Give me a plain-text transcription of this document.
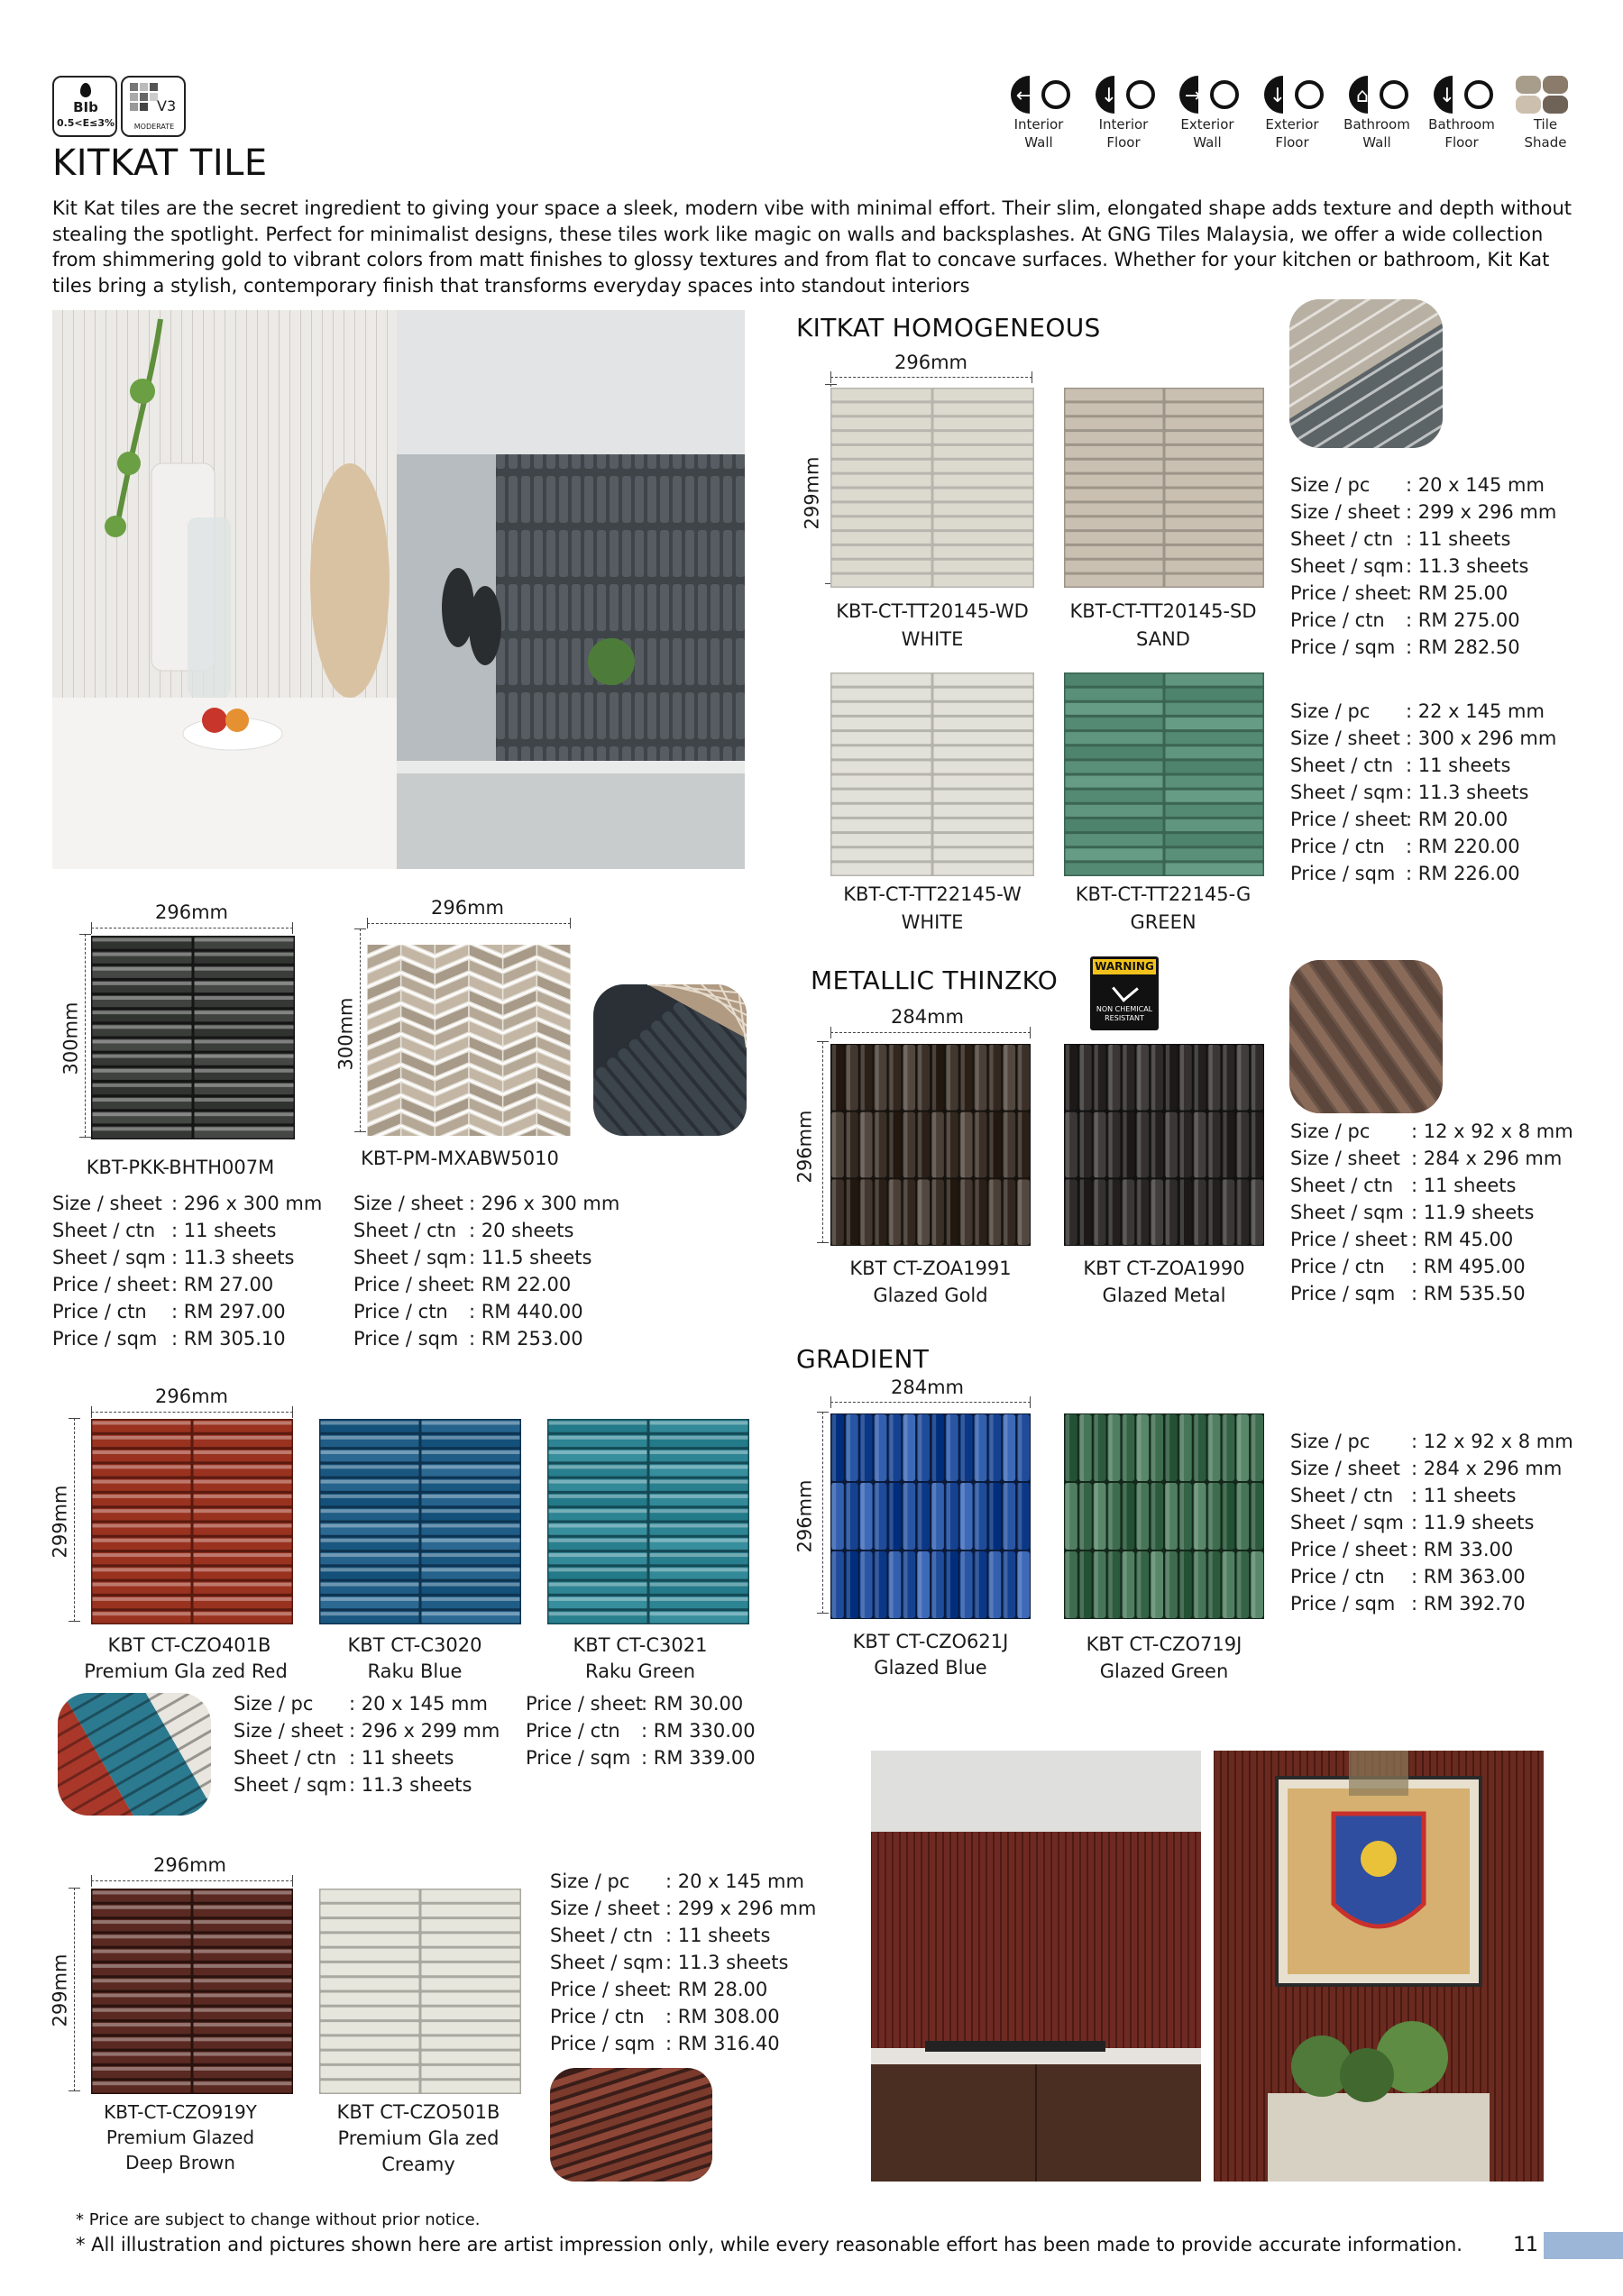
BIb
0.5<E≤3%
V3
MODERATE
←
Interior
Wall
↓
Interior
Floor
→
Exterior
Wall
↓
Exterior
Floor
⌂
Bathroom
Wall
↓
Bathroom
Floor
Tile
Shade
KITKAT TILE

Kit Kat tiles are the secret ingredient to giving your space a sleek, modern vibe with minimal effort. Their slim, elongated shape adds texture and depth without stealing the spotlight. Perfect for minimalist designs, these tiles work like magic on walls and backsplashes. At GNG Tiles Malaysia, we offer a wide collection from shimmering gold to vibrant colors from matt finishes to glossy textures and from flat to concave surfaces. Whether for your kitchen or bathroom, Kit Kat tiles bring a stylish, contemporary finish that transforms everyday spaces into standout interiors

KITKAT HOMOGENEOUS
296mm
299mm
KBT-CT-TT20145-WD
WHITE
KBT-CT-TT20145-SD
SAND
KBT-CT-TT22145-W
WHITE
KBT-CT-TT22145-G
GREEN
Size / pc	: 20 x 145 mm
Size / sheet : 299 x 296 mm
Sheet / ctn : 11 sheets
Sheet / sqm : 11.3 sheets
Price / sheet
: RM 25.00
Price / ctn	: RM 275.00
Price / sqm : RM 282.50
Size / pc	: 22 x 145 mm
Size / sheet : 300 x 296 mm
Sheet / ctn : 11 sheets
Sheet / sqm : 11.3 sheets
Price / sheet
: RM 20.00
Price / ctn	: RM 220.00
Price / sqm : RM 226.00
296mm
300mm
KBT-PKK-BHTH007M
Size / sheet : 296 x 300 mm
Sheet / ctn : 11 sheets
Sheet / sqm : 11.3 sheets
Price / sheet : RM 27.00
Price / ctn	: RM 297.00
Price / sqm : RM 305.10
296mm
300mm
KBT-PM-MXABW5010
Size / sheet : 296 x 300 mm
Sheet / ctn : 20 sheets
Sheet / sqm : 11.5 sheets
Price / sheet
: RM 22.00
Price / ctn	: RM 440.00
Price / sqm : RM 253.00
METALLIC THINZKO	WARNING
NON CHEMICAL RESISTANT
284mm
296mm
KBT CT-ZOA1991
Glazed Gold
KBT CT-ZOA1990
Glazed Metal
Size / pc	: 12 x 92 x 8 mm
Size / sheet : 284 x 296 mm
Sheet / ctn : 11 sheets
Sheet / sqm : 11.9 sheets
Price / sheet : RM 45.00
Price / ctn	: RM 495.00
Price / sqm : RM 535.50
GRADIENT
284mm
296mm
KBT CT-CZO621J
Glazed Blue
KBT CT-CZO719J
Glazed Green
Size / pc	: 12 x 92 x 8 mm
Size / sheet : 284 x 296 mm
Sheet / ctn : 11 sheets
Sheet / sqm : 11.9 sheets
Price / sheet : RM 33.00
Price / ctn	: RM 363.00
Price / sqm : RM 392.70
296mm
299mm
KBT CT-CZO401B
Premium Gla zed Red
KBT CT-C3020
Raku Blue
KBT CT-C3021
Raku Green
Size / pc	: 20 x 145 mm
Size / sheet : 296 x 299 mm
Sheet / ctn : 11 sheets
Sheet / sqm : 11.3 sheets
Price / sheet
: RM 30.00
Price / ctn	: RM 330.00
Price / sqm : RM 339.00
296mm
299mm
KBT-CT-CZO919Y
Premium Glazed
Deep Brown
KBT CT-CZO501B
Premium Gla zed
Creamy
Size / pc	: 20 x 145 mm
Size / sheet : 299 x 296 mm
Sheet / ctn : 11 sheets
Sheet / sqm : 11.3 sheets
Price / sheet
: RM 28.00
Price / ctn	: RM 308.00
Price / sqm : RM 316.40
* Price are subject to change without prior notice.
* All illustration and pictures shown here are artist impression only, while every reasonable effort has been made to provide accurate information.	11
